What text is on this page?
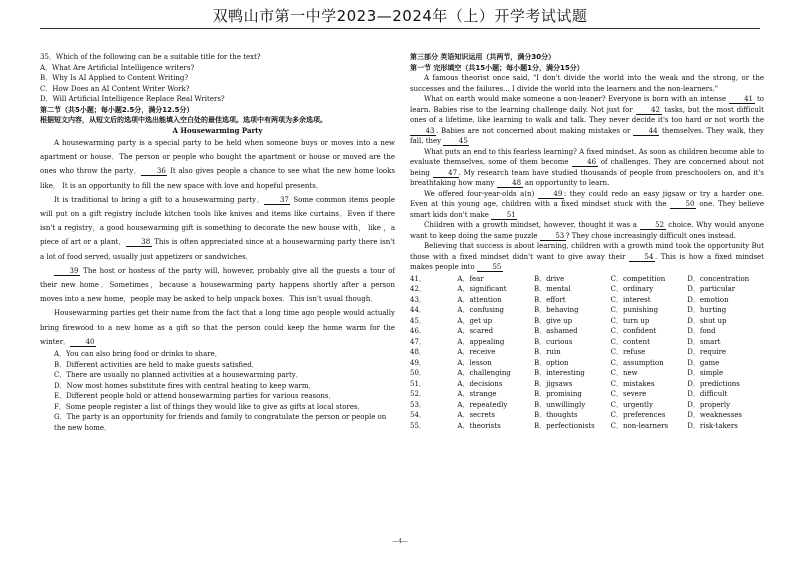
双鸭山市第一中学2023—2024年（上）开学考试试题

35．Which of the following can be a suitable title for the text?

A．What Are Artificial Intelligence writers?

B．Why Is AI Applied to Content Writing?

C．How Does an AI Content Writer Work?

D．Will Artificial Intelligence Replace Real Writers?

第二节（共5小题；每小题2.5分，满分12.5分）

根据短文内容，从短文后的选项中选出能填入空白处的最佳选项。选项中有两项为多余选项。

A Housewarming Party

A housewarming party is a special party to be held when someone buys or moves into a new apartment or house．The person or people who bought the apartment or house or moved are the ones who throw the party． 36 It also gives people a chance to see what the new home looks like． It is an opportunity to fill the new space with love and hopeful presents．

It is traditional to bring a gift to a housewarming party． 37 Some common items people will put on a gift registry include kitchen tools like knives and items like curtains．Even if there isn't a registry，a good housewarming gift is something to decorate the new house with， like ，a piece of art or a plant． 38 This is often appreciated since at a housewarming party there isn't a lot of food served, usually just appetizers or sandwiches．

39 The host or hostess of the party will, however, probably give all the guests a tour of their new home．Sometimes，because a housewarming party happens shortly after a person moves into a new home，people may be asked to help unpack boxes．This isn't usual though．

Housewarming parties get their name from the fact that a long time ago people would actually bring firewood to a new home as a gift so that the person could keep the home warm for the winter． 40

A．You can also bring food or drinks to share．

B．Different activities are held to make guests satisfied．

C．There are usually no planned activities at a housewarming party．

D．Now most homes substitute fires with central heating to keep warm．

E．Different people hold or attend housewarming parties for various reasons．

F．Some people register a list of things they would like to give as gifts at local stores．

G．The party is an opportunity for friends and family to congratulate the person or people on the new home．

第三部分 英语知识运用（共两节，满分30分）

第一节 完形填空（共15小题；每小题1分，满分15分）

A famous theorist once said, "I don't divide the world into the weak and the strong, or the successes and the failures... I divide the world into the learners and the non-learners."

What on earth would make someone a non-leaner? Everyone is born with an intense 41 to learn. Babies rise to the learning challenge daily. Not just for 42 tasks, but the most difficult ones of a lifetime, like learning to walk and talk. They never decide it's too hard or not worth the 43 . Babies are not concerned about making mistakes or 44 themselves. They walk, they fall, they 45

What puts an end to this fearless learning? A fixed mindset. As soon as children become able to evaluate themselves, some of them become 46 of challenges. They are concerned about not being 47 . My research team have studied thousands of people from preschoolers on, and it's breathtaking how many 48 an opportunity to learn.

We offered four-year-olds a(n) 49 : they could redo an easy jigsaw or try a harder one. Even at this young age, children with a fixed mindset stuck with the 50 one. They believe smart kids don't make 51

Children with a growth mindset, however, thought it was a 52 choice. Why would anyone want to keep doing the same puzzle 53 ? They chose increasingly difficult ones instead.

Believing that success is about learning, children with a growth mind took the opportunity But those with a fixed mindset didn't want to give away their 54 . This is how a fixed mindset makes people into 55

41．	A．fear	B．drive	C．competition	D．concentration
42．	A．significant	B．mental	C．ordinary	D．particular
43．	A．attention	B．effort	C．interest	D．emotion
44．	A．confusing	B．behaving	C．punishing	D．hurting
45．	A．get up	B．give up	C．turn up	D．shut up
46．	A．scared	B．ashamed	C．confident	D．fond
47．	A．appealing	B．curious	C．content	D．smart
48．	A．receive	B．ruin	C．refuse	D．require
49．	A．lesson	B．option	C．assumption	D．game
50．	A．challenging	B．interesting	C．new	D．simple
51．	A．decisions	B．jigsaws	C．mistakes	D．predictions
52．	A．strange	B．promising	C．severe	D．difficult
53．	A．repeatedly	B．unwillingly	C．urgently	D．properly
54．	A．secrets	B．thoughts	C．preferences	D．weaknesses
55．	A．theorists	B．perfectionists	C．non-learners	D．risk-takers
—4—
